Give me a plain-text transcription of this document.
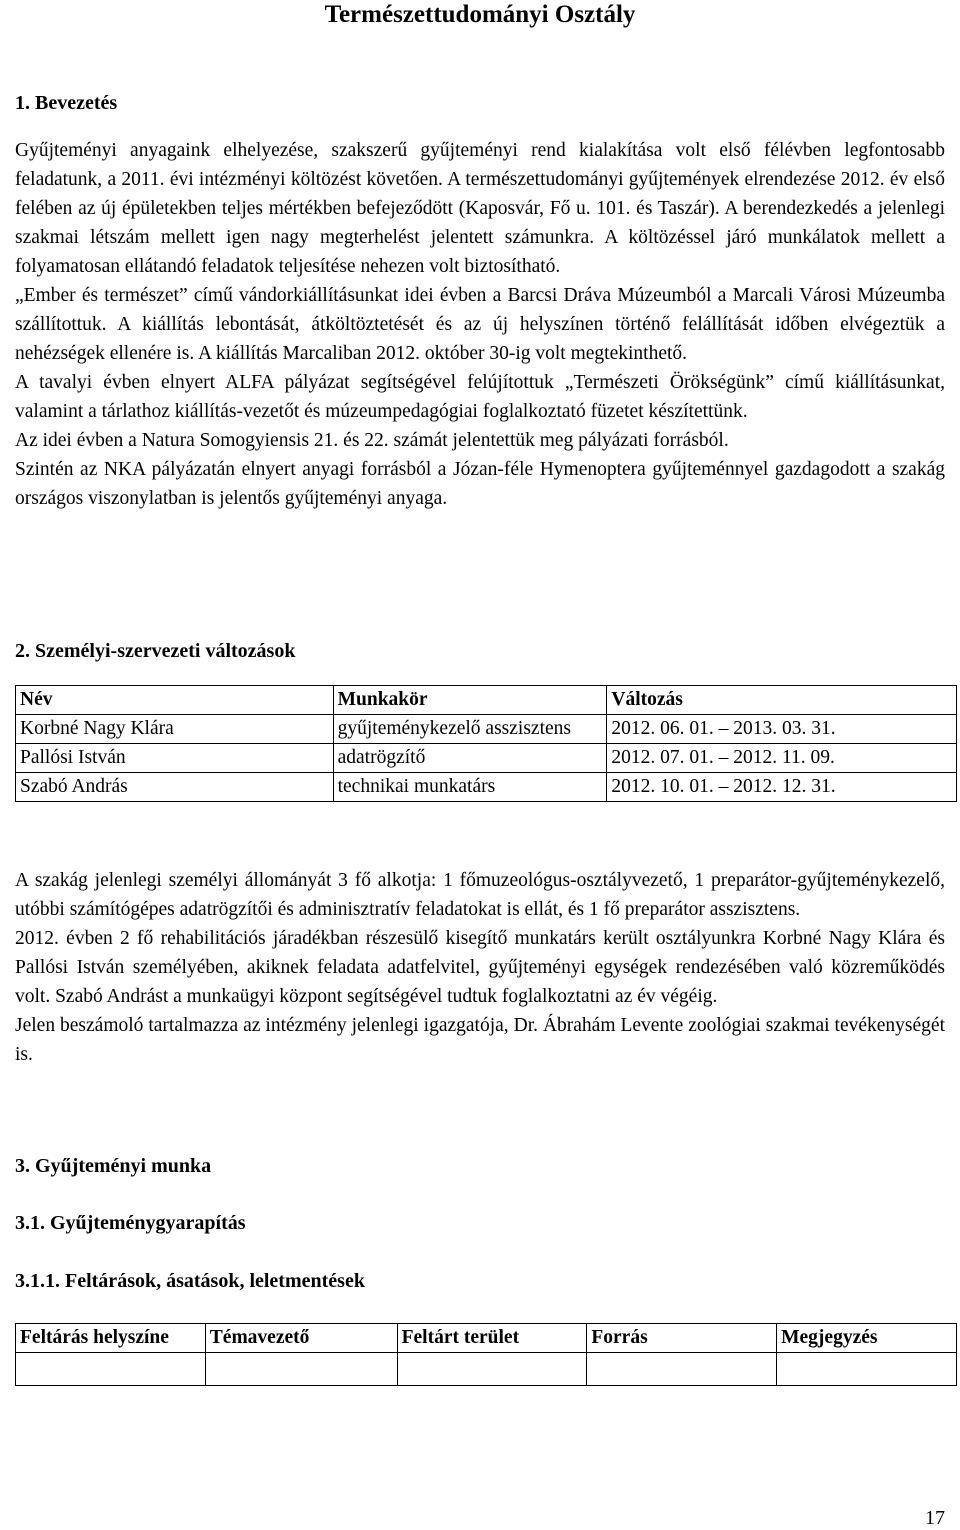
Természettudományi Osztály
1. Bevezetés

Gyűjteményi anyagaink elhelyezése, szakszerű gyűjteményi rend kialakítása volt első félévben legfontosabb feladatunk, a 2011. évi intézményi költözést követően. A természettudományi gyűjtemények elrendezése 2012. év első felében az új épületekben teljes mértékben befejeződött (Kaposvár, Fő u. 101. és Taszár). A berendezkedés a jelenlegi szakmai létszám mellett igen nagy megterhelést jelentett számunkra. A költözéssel járó munkálatok mellett a folyamatosan ellátandó feladatok teljesítése nehezen volt biztosítható.

„Ember és természet” című vándorkiállításunkat idei évben a Barcsi Dráva Múzeumból a Marcali Városi Múzeumba szállítottuk. A kiállítás lebontását, átköltöztetését és az új helyszínen történő felállítását időben elvégeztük a nehézségek ellenére is. A kiállítás Marcaliban 2012. október 30-ig volt megtekinthető.

A tavalyi évben elnyert ALFA pályázat segítségével felújítottuk „Természeti Örökségünk” című kiállításunkat, valamint a tárlathoz kiállítás-vezetőt és múzeumpedagógiai foglalkoztató füzetet készítettünk.

Az idei évben a Natura Somogyiensis 21. és 22. számát jelentettük meg pályázati forrásból.

Szintén az NKA pályázatán elnyert anyagi forrásból a Józan-féle Hymenoptera gyűjteménnyel gazdagodott a szakág országos viszonylatban is jelentős gyűjteményi anyaga.

2. Személyi-szervezeti változások
Név	Munkakör	Változás
Korbné Nagy Klára	gyűjteménykezelő asszisztens	2012. 06. 01. – 2013. 03. 31.
Pallósi István	adatrögzítő	2012. 07. 01. – 2012. 11. 09.
Szabó András	technikai munkatárs	2012. 10. 01. – 2012. 12. 31.

A szakág jelenlegi személyi állományát 3 fő alkotja: 1 főmuzeológus-osztályvezető, 1 preparátor-gyűjteménykezelő, utóbbi számítógépes adatrögzítői és adminisztratív feladatokat is ellát, és 1 fő preparátor asszisztens.

2012. évben 2 fő rehabilitációs járadékban részesülő kisegítő munkatárs került osztályunkra Korbné Nagy Klára és Pallósi István személyében, akiknek feladata adatfelvitel, gyűjteményi egységek rendezésében való közreműködés volt. Szabó Andrást a munkaügyi központ segítségével tudtuk foglalkoztatni az év végéig.

Jelen beszámoló tartalmazza az intézmény jelenlegi igazgatója, Dr. Ábrahám Levente zoológiai szakmai tevékenységét is.

3. Gyűjteményi munka
3.1. Gyűjteménygyarapítás
3.1.1. Feltárások, ásatások, leletmentések
Feltárás helyszíne	Témavezető	Feltárt terület	Forrás	Megjegyzés

17
